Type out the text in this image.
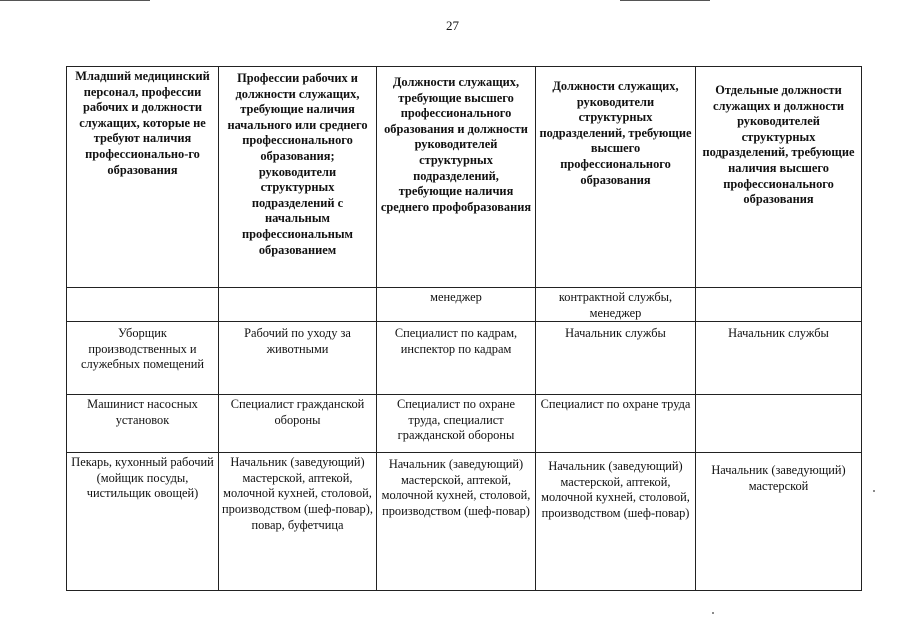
27
Младший медицинский персонал, профессии рабочих и должности служащих, которые не требуют наличия профессионально-го образования	Профессии рабочих и должности служащих, требующие наличия начального или среднего профессионального образования; руководители структурных подразделений с начальным профессиональным образованием	Должности служащих, требующие высшего профессионального образования и должности руководителей структурных подразделений, требующие наличия среднего профобразования	Должности служащих, руководители структурных подразделений, требующие высшего профессионального образования	Отдельные должности служащих и должности руководителей структурных подразделений, требующие наличия высшего профессионального образования

		менеджер	контрактной службы, менеджер	

Уборщик производственных и служебных помещений	Рабочий по уходу за животными	Специалист по кадрам, инспектор по кадрам	Начальник службы	Начальник службы

Машинист насосных установок	Специалист гражданской обороны	Специалист по охране труда, специалист гражданской обороны	Специалист по охране труда	

Пекарь, кухонный рабочий (мойщик посуды, чистильщик овощей)	Начальник (заведующий) мастерской, аптекой, молочной кухней, столовой, производством (шеф-повар), повар, буфетчица	Начальник (заведующий) мастерской, аптекой, молочной кухней, столовой, производством (шеф-повар)	Начальник (заведующий) мастерской, аптекой, молочной кухней, столовой, производством (шеф-повар)	Начальник (заведующий) мастерской
